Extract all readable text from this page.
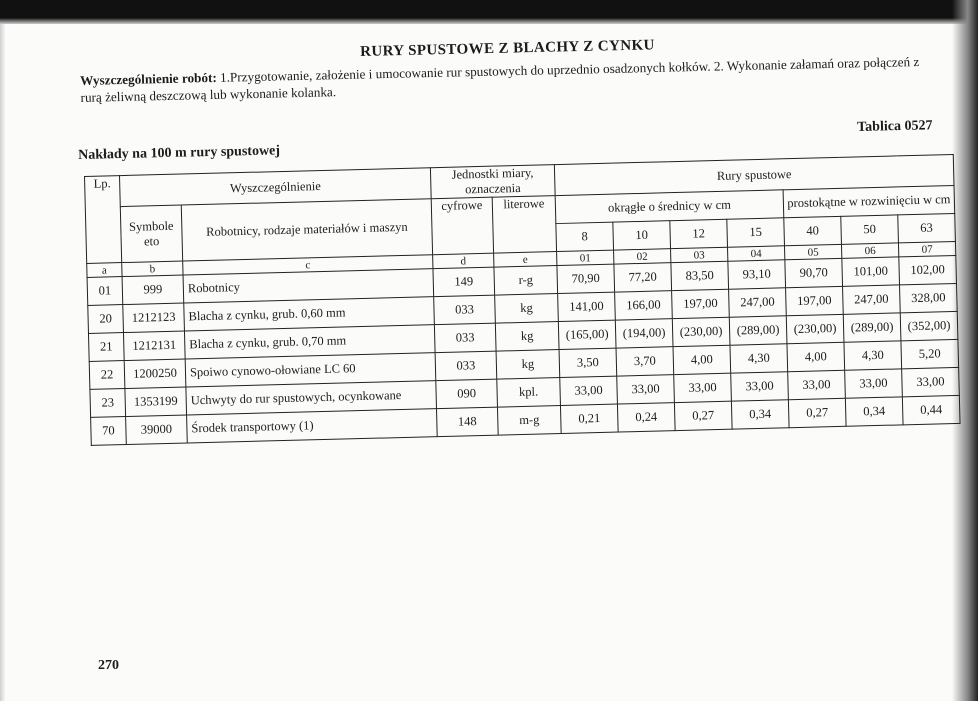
RURY SPUSTOWE Z BLACHY Z CYNKU
Wyszczególnienie robót: 1.Przygotowanie, założenie i umocowanie rur spustowych do uprzednio osadzonych kołków. 2. Wykonanie załamań oraz połączeń z rurą żeliwną deszczową lub wykonanie kolanka.
Tablica 0527
Nakłady na 100 m rury spustowej
Lp.	Wyszczególnienie		Jednostki miary, oznaczenia		Rury spustowe						
	Symbole eto	Robotnicy, rodzaje materiałów i maszyn	cyfrowe	literowe	okrągłe o średnicy w cm				prostokątne w rozwinięciu w cm		
					8	10	12	15	40	50	63
a	b	c	d	e	01	02	03	04	05	06	07
01	999	Robotnicy	149	r-g	70,90	77,20	83,50	93,10	90,70	101,00	102,00
20	1212123	Blacha z cynku, grub. 0,60 mm	033	kg	141,00	166,00	197,00	247,00	197,00	247,00	328,00
21	1212131	Blacha z cynku, grub. 0,70 mm	033	kg	(165,00)	(194,00)	(230,00)	(289,00)	(230,00)	(289,00)	(352,00)
22	1200250	Spoiwo cynowo-ołowiane LC 60	033	kg	3,50	3,70	4,00	4,30	4,00	4,30	5,20
23	1353199	Uchwyty do rur spustowych, ocynkowane	090	kpl.	33,00	33,00	33,00	33,00	33,00	33,00	33,00
70	39000	Środek transportowy (1)	148	m-g	0,21	0,24	0,27	0,34	0,27	0,34	0,44
270
